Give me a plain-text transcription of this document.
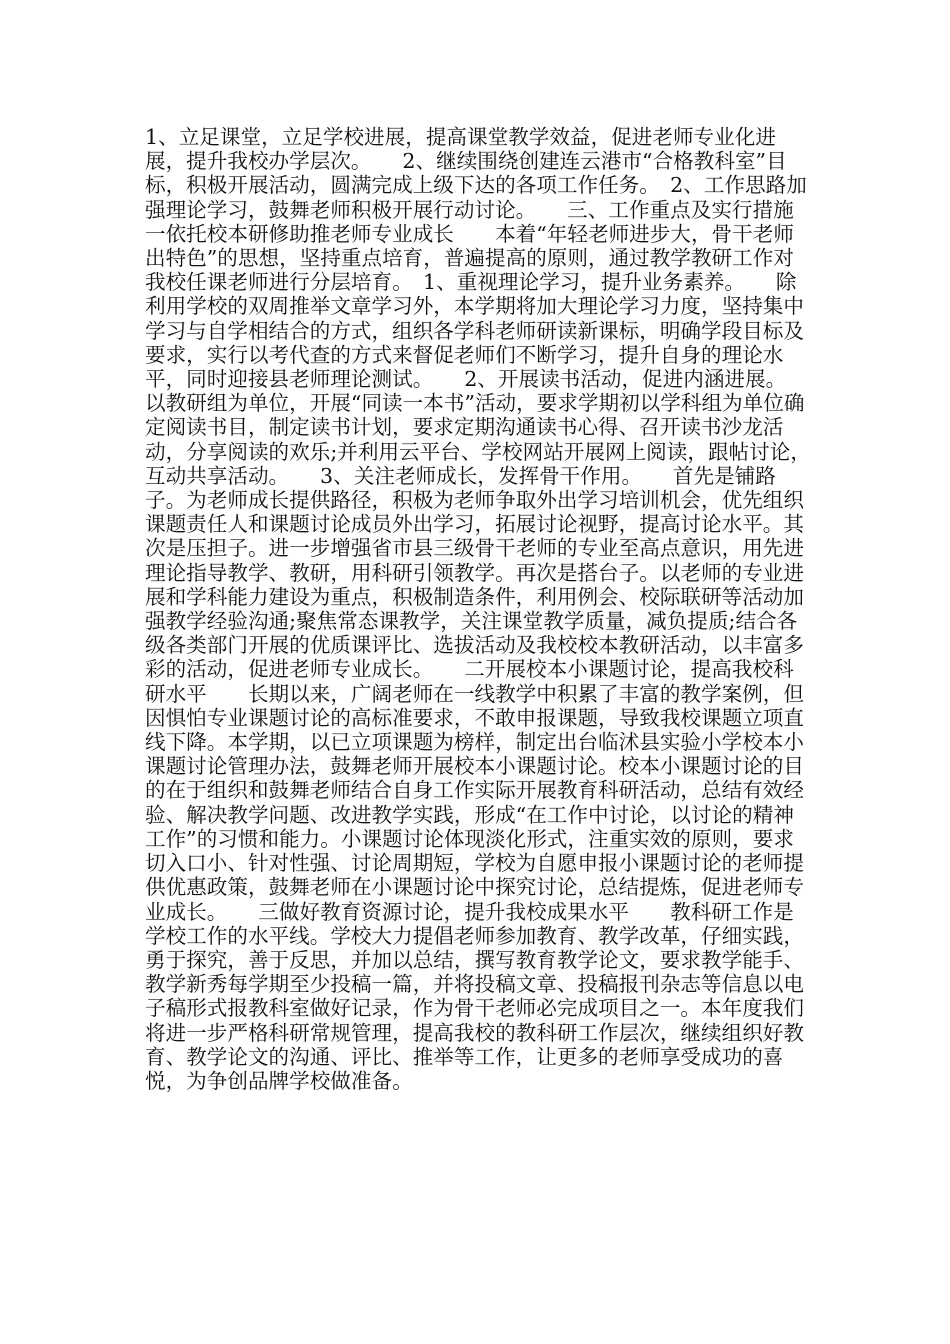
1、立足课堂，立足学校进展，提高课堂教学效益，促进老师专业化进展，提升我校办学层次。　　2、继续围绕创建连云港市“合格教科室”目标，积极开展活动，圆满完成上级下达的各项工作任务。　2、工作思路加强理论学习，鼓舞老师积极开展行动讨论。　　三、工作重点及实行措施　　一依托校本研修助推老师专业成长　　本着“年轻老师进步大，骨干老师出特色”的思想，坚持重点培育，普遍提高的原则，通过教学教研工作对我校任课老师进行分层培育。　1、重视理论学习，提升业务素养。　　除利用学校的双周推举文章学习外，本学期将加大理论学习力度，坚持集中学习与自学相结合的方式，组织各学科老师研读新课标，明确学段目标及要求，实行以考代查的方式来督促老师们不断学习，提升自身的理论水平，同时迎接县老师理论测试。　　2、开展读书活动，促进内涵进展。　以教研组为单位，开展“同读一本书”活动，要求学期初以学科组为单位确定阅读书目，制定读书计划，要求定期沟通读书心得、召开读书沙龙活动，分享阅读的欢乐;并利用云平台、学校网站开展网上阅读，跟帖讨论，互动共享活动。　　3、关注老师成长，发挥骨干作用。　　首先是铺路子。为老师成长提供路径，积极为老师争取外出学习培训机会，优先组织课题责任人和课题讨论成员外出学习，拓展讨论视野，提高讨论水平。其次是压担子。进一步增强省市县三级骨干老师的专业至高点意识，用先进理论指导教学、教研，用科研引领教学。再次是搭台子。以老师的专业进展和学科能力建设为重点，积极制造条件，利用例会、校际联研等活动加强教学经验沟通;聚焦常态课教学，关注课堂教学质量，减负提质;结合各级各类部门开展的优质课评比、选拔活动及我校校本教研活动，以丰富多彩的活动，促进老师专业成长。　　二开展校本小课题讨论，提高我校科研水平　　长期以来，广阔老师在一线教学中积累了丰富的教学案例，但因惧怕专业课题讨论的高标准要求，不敢申报课题，导致我校课题立项直线下降。本学期，以已立项课题为榜样，制定出台临沭县实验小学校本小课题讨论管理办法，鼓舞老师开展校本小课题讨论。校本小课题讨论的目的在于组织和鼓舞老师结合自身工作实际开展教育科研活动，总结有效经验、解决教学问题、改进教学实践，形成“在工作中讨论，以讨论的精神工作”的习惯和能力。小课题讨论体现淡化形式，注重实效的原则，要求切入口小、针对性强、讨论周期短，学校为自愿申报小课题讨论的老师提供优惠政策，鼓舞老师在小课题讨论中探究讨论，总结提炼，促进老师专业成长。　　三做好教育资源讨论，提升我校成果水平　　教科研工作是学校工作的水平线。学校大力提倡老师参加教育、教学改革，仔细实践，勇于探究，善于反思，并加以总结，撰写教育教学论文，要求教学能手、教学新秀每学期至少投稿一篇，并将投稿文章、投稿报刊杂志等信息以电子稿形式报教科室做好记录，作为骨干老师必完成项目之一。本年度我们将进一步严格科研常规管理，提高我校的教科研工作层次，继续组织好教育、教学论文的沟通、评比、推举等工作，让更多的老师享受成功的喜悦，为争创品牌学校做准备。
